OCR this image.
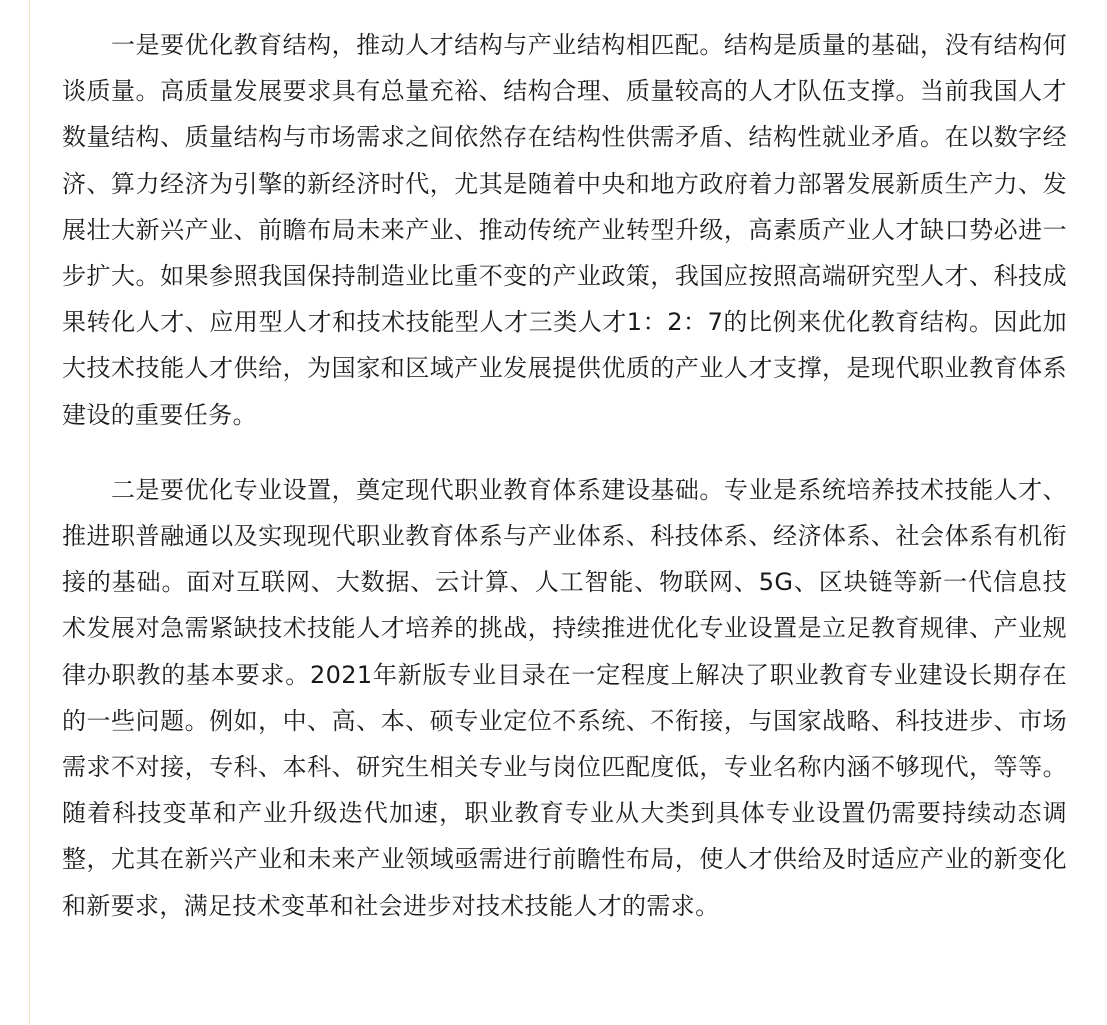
一是要优化教育结构，推动人才结构与产业结构相匹配。结构是质量的基础，没有结构何谈质量。高质量发展要求具有总量充裕、结构合理、质量较高的人才队伍支撑。当前我国人才数量结构、质量结构与市场需求之间依然存在结构性供需矛盾、结构性就业矛盾。在以数字经济、算力经济为引擎的新经济时代，尤其是随着中央和地方政府着力部署发展新质生产力、发展壮大新兴产业、前瞻布局未来产业、推动传统产业转型升级，高素质产业人才缺口势必进一步扩大。如果参照我国保持制造业比重不变的产业政策，我国应按照高端研究型人才、科技成果转化人才、应用型人才和技术技能型人才三类人才1：2：7的比例来优化教育结构。因此加大技术技能人才供给，为国家和区域产业发展提供优质的产业人才支撑，是现代职业教育体系建设的重要任务。

二是要优化专业设置，奠定现代职业教育体系建设基础。专业是系统培养技术技能人才、推进职普融通以及实现现代职业教育体系与产业体系、科技体系、经济体系、社会体系有机衔接的基础。面对互联网、大数据、云计算、人工智能、物联网、5G、区块链等新一代信息技术发展对急需紧缺技术技能人才培养的挑战，持续推进优化专业设置是立足教育规律、产业规律办职教的基本要求。2021年新版专业目录在一定程度上解决了职业教育专业建设长期存在的一些问题。例如，中、高、本、硕专业定位不系统、不衔接，与国家战略、科技进步、市场需求不对接，专科、本科、研究生相关专业与岗位匹配度低，专业名称内涵不够现代，等等。随着科技变革和产业升级迭代加速，职业教育专业从大类到具体专业设置仍需要持续动态调整，尤其在新兴产业和未来产业领域亟需进行前瞻性布局，使人才供给及时适应产业的新变化和新要求，满足技术变革和社会进步对技术技能人才的需求。
